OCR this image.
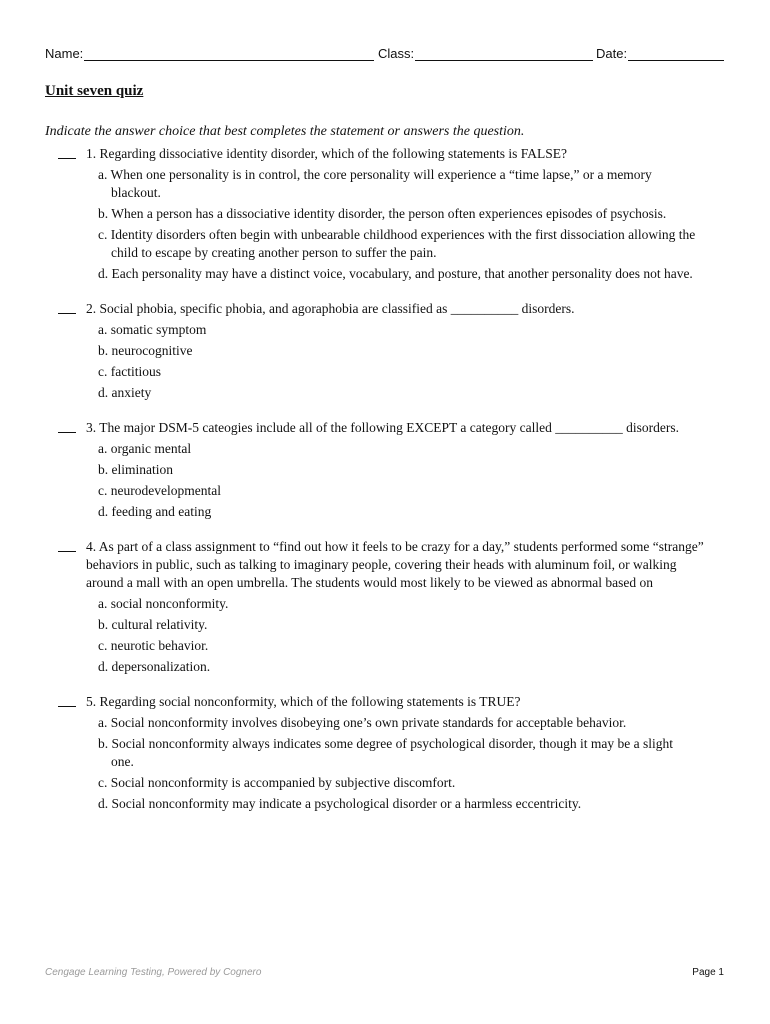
Name:	Class:	Date:
Unit seven quiz
Indicate the answer choice that best completes the statement or answers the question.
1. Regarding dissociative identity disorder, which of the following statements is FALSE?
a. When one personality is in control, the core personality will experience a “time lapse,” or a memory blackout.
b. When a person has a dissociative identity disorder, the person often experiences episodes of psychosis.
c. Identity disorders often begin with unbearable childhood experiences with the first dissociation allowing the child to escape by creating another person to suffer the pain.
d. Each personality may have a distinct voice, vocabulary, and posture, that another personality does not have.
2. Social phobia, specific phobia, and agoraphobia are classified as __________ disorders.
a. somatic symptom
b. neurocognitive
c. factitious
d. anxiety
3. The major DSM-5 cateogies include all of the following EXCEPT a category called __________ disorders.
a. organic mental
b. elimination
c. neurodevelopmental
d. feeding and eating
4. As part of a class assignment to “find out how it feels to be crazy for a day,” students performed some “strange” behaviors in public, such as talking to imaginary people, covering their heads with aluminum foil, or walking around a mall with an open umbrella. The students would most likely to be viewed as abnormal based on
a. social nonconformity.
b. cultural relativity.
c. neurotic behavior.
d. depersonalization.
5. Regarding social nonconformity, which of the following statements is TRUE?
a. Social nonconformity involves disobeying one’s own private standards for acceptable behavior.
b. Social nonconformity always indicates some degree of psychological disorder, though it may be a slight one.
c. Social nonconformity is accompanied by subjective discomfort.
d. Social nonconformity may indicate a psychological disorder or a harmless eccentricity.
Cengage Learning Testing, Powered by Cognero	Page 1
